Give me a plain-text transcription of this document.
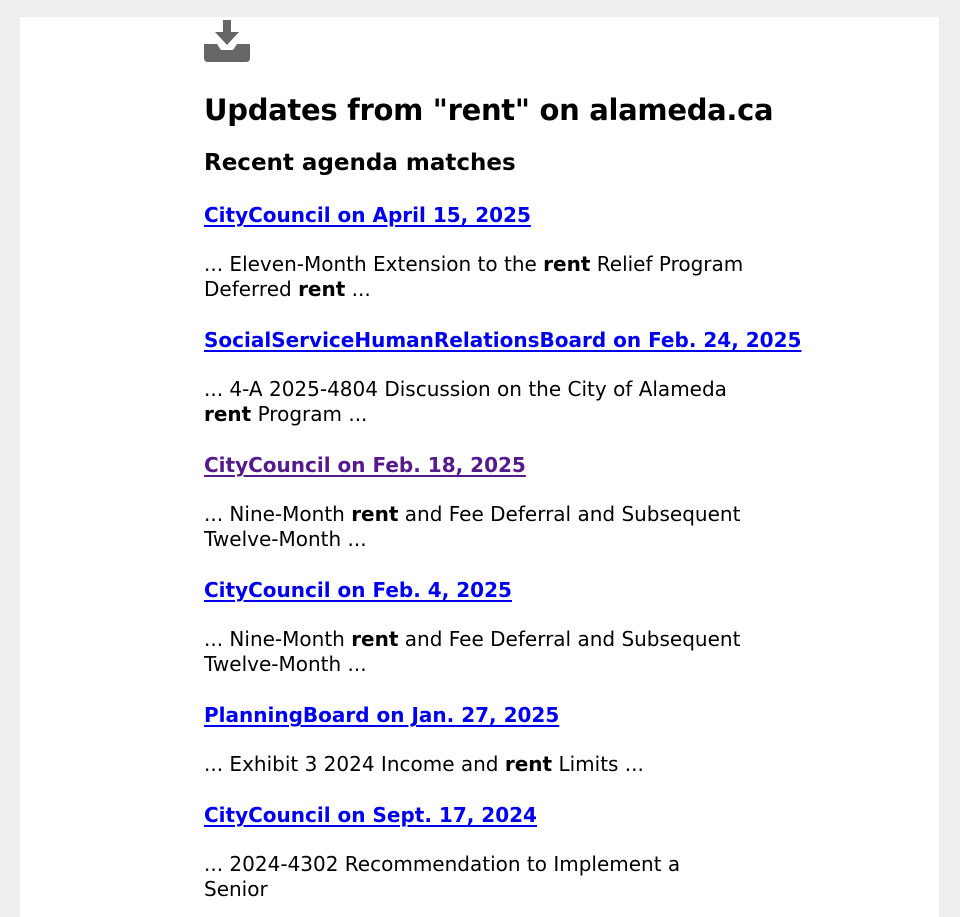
Updates from "rent" on alameda.ca
Recent agenda matches
CityCouncil on April 15, 2025

... Eleven-Month Extension to the rent Relief Program Deferred rent ...

SocialServiceHumanRelationsBoard on Feb. 24, 2025

... 4-A 2025-4804 Discussion on the City of Alameda rent Program ...

CityCouncil on Feb. 18, 2025

... Nine-Month rent and Fee Deferral and Subsequent Twelve-Month ...

CityCouncil on Feb. 4, 2025

... Nine-Month rent and Fee Deferral and Subsequent Twelve-Month ...

PlanningBoard on Jan. 27, 2025

... Exhibit 3 2024 Income and rent Limits ...

CityCouncil on Sept. 17, 2024

... 2024-4302 Recommendation to Implement a Senior
